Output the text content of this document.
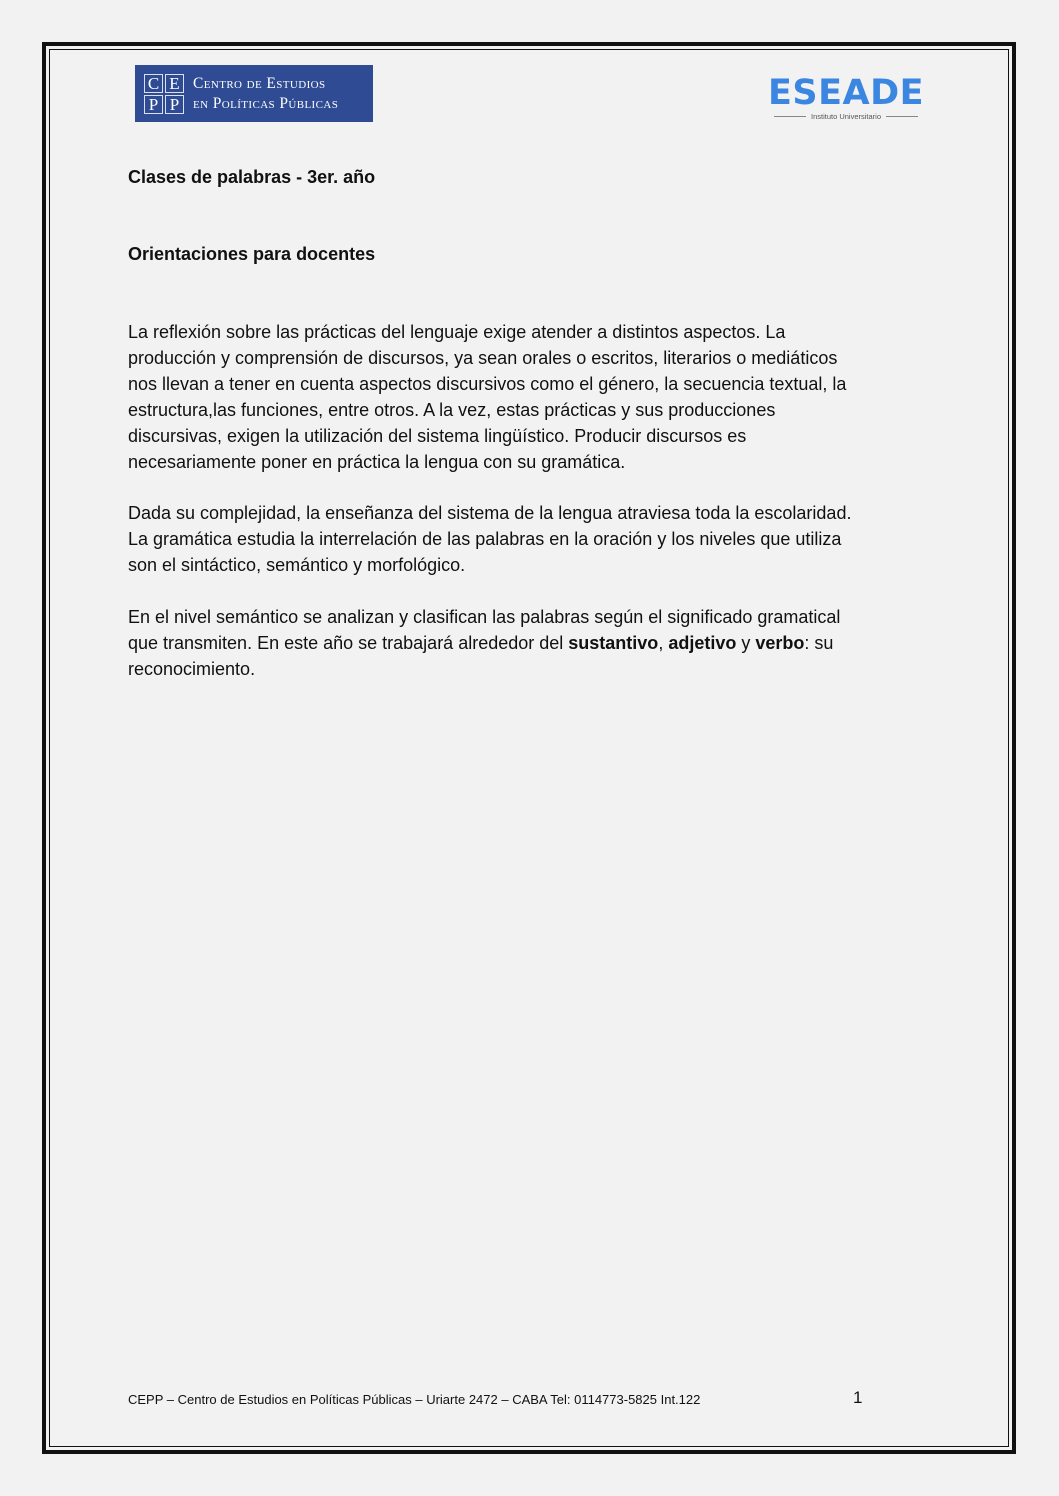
C E
P P
Centro de Estudios
en Políticas Públicas	ESEADE
Instituto Universitario
Clases de palabras - 3er. año
Orientaciones para docentes
La reflexión sobre las prácticas del lenguaje exige atender a distintos aspectos. La
producción y comprensión de discursos, ya sean orales o escritos, literarios o mediáticos
nos llevan a tener en cuenta aspectos discursivos como el género, la secuencia textual, la
estructura,las funciones, entre otros. A la vez, estas prácticas y sus producciones
discursivas, exigen la utilización del sistema lingüístico. Producir discursos es
necesariamente poner en práctica la lengua con su gramática.
Dada su complejidad, la enseñanza del sistema de la lengua atraviesa toda la escolaridad.
La gramática estudia la interrelación de las palabras en la oración y los niveles que utiliza
son el sintáctico, semántico y morfológico.
En el nivel semántico se analizan y clasifican las palabras según el significado gramatical
que transmiten. En este año se trabajará alrededor del sustantivo, adjetivo y verbo: su
reconocimiento.
CEPP – Centro de Estudios en Políticas Públicas – Uriarte 2472 – CABA Tel: 0114773-5825 Int.122	1
